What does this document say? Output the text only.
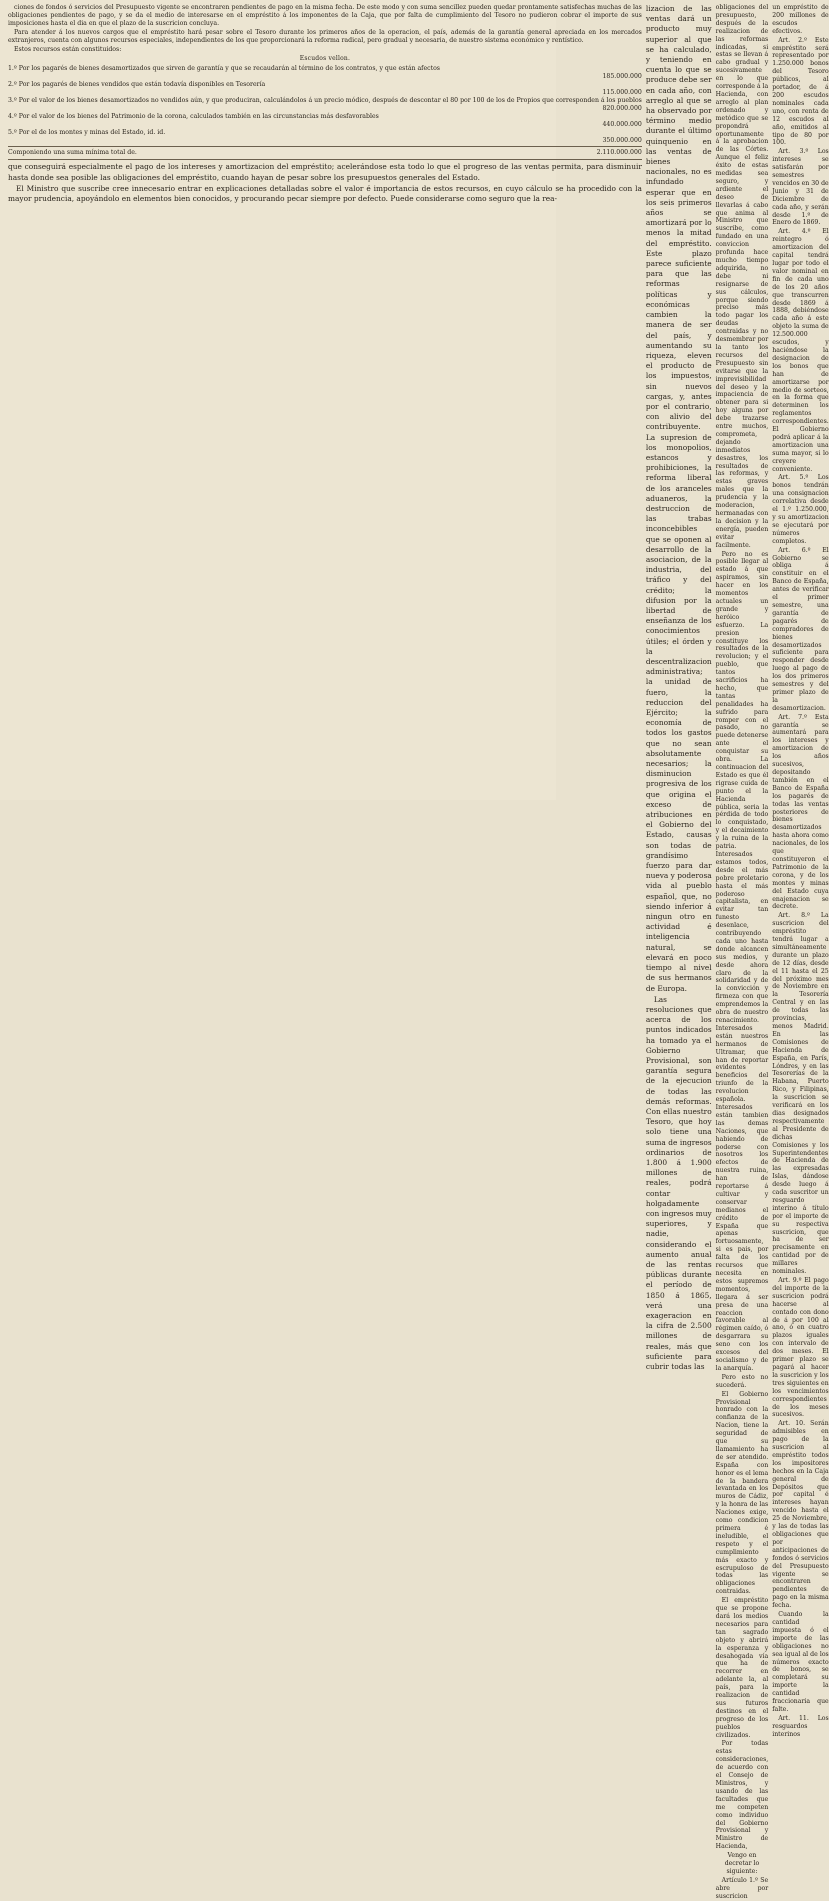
ciones de fondos ó servicios del Presupuesto vigente se encontraren pendientes de pago en la misma fecha. De este modo y con suma sencillez pueden quedar prontamente satisfechas muchas de las obligaciones pendientes de pago, y se da el medio de interesarse en el empréstito á los imponentes de la Caja, que por falta de cumplimiento del Tesoro no pudieron cobrar el importe de sus imposiciones hasta el dia en que el plazo de la suscricion concluya.

Para atender á los nuevos cargos que el empréstito hará pesar sobre el Tesoro durante los primeros años de la operacion, el país, además de la garantía general apreciada en los mercados extranjeros, cuenta con algunos recursos especiales, independientes de los que proporcionará la reforma radical, pero gradual y necesaria, de nuestro sistema económico y rentístico.

Estos recursos están constituidos:

Escudos vellon.
1.º Por los pagarés de bienes desamortizados que sirven de garantía y que se recaudarán al término de los contratos, y que están afectos
185.000.000
2.º Por los pagarés de bienes vendidos que están todavía disponibles en Tesorería
115.000.000
3.º Por el valor de los bienes desamortizados no vendidos aún, y que produciran, calculándolos á un precio módico, después de descontar el 80 por 100 de los de Propios que corresponden á los pueblos
820.000.000
4.º Por el valor de los bienes del Patrimonio de la corona, calculados también en las circunstancias más desfavorables
440.000.000
5.º Por el de los montes y minas del Estado, id. id.
350.000.000
Componiendo una suma mínima total de.	2.110.000.000

que conseguirá especialmente el pago de los intereses y amortizacion del empréstito; acelerándose esta todo lo que el progreso de las ventas permita, para disminuir hasta donde sea posible las obligaciones del empréstito, cuando hayan de pesar sobre los presupuestos generales del Estado.

El Ministro que suscribe cree innecesario entrar en explicaciones detalladas sobre el valor é importancia de estos recursos, en cuyo cálculo se ha procedido con la mayor prudencia, apoyándolo en elementos bien conocidos, y procurando pecar siempre por defecto. Puede considerarse como seguro que la rea-

lizacion de las ventas dará un producto muy superior al que se ha calculado, y teniendo en cuenta lo que se produce debe ser en cada año, con arreglo al que se ha observado por término medio durante el último quinquenio en las ventas de bienes nacionales, no es infundado esperar que en los seis primeros años se amortizará por lo menos la mitad del empréstito. Este plazo parece suficiente para que las reformas políticas y económicas cambien la manera de ser del país, y aumentando su riqueza, eleven el producto de los impuestos, sin nuevos cargas, y, antes por el contrario, con alivio del contribuyente. La supresion de los monopolios, estancos y prohibiciones, la reforma liberal de los aranceles aduaneros, la destruccion de las trabas inconcebibles que se oponen al desarrollo de la asociacion, de la industria, del tráfico y del crédito; la difusion por la libertad de enseñanza de los conocimientos útiles; el órden y la descentralizacion administrativa; la unidad de fuero, la reduccion del Ejército; la economía de todos los gastos que no sean absolutamente necesarios; la disminucion progresiva de los que origina el exceso de atribuciones en el Gobierno del Estado, causas son todas de grandísimo fuerzo para dar nueva y poderosa vida al pueblo español, que, no siendo inferior á ningun otro en actividad é inteligencia natural, se elevará en poco tiempo al nivel de sus hermanos de Europa.

Las resoluciones que acerca de los puntos indicados ha tomado ya el Gobierno Provisional, son garantía segura de la ejecucion de todas las demás reformas. Con ellas nuestro Tesoro, que hoy solo tiene una suma de ingresos ordinarios de 1.800 á 1.900 millones de reales, podrá contar holgadamente con ingresos muy superiores, y nadie, considerando el aumento anual de las rentas públicas durante el período de 1850 á 1865, verá una exageracion en la cifra de 2.500 millones de reales, más que suficiente para cubrir todas las

obligaciones del presupuesto, después de la realizacion de las reformas indicadas, si estas se llevan á cabo gradual y sucesivamente en lo que corresponde á la Hacienda, con arreglo al plan ordenado y metódico que se propondrá oportunamente á la aprobacion de las Córtes. Aunque el feliz éxito de estas medidas sea seguro, y ardiente el deseo de llevarlas á cabo que anima al Ministro que suscribe, como fundado en una conviccion profunda hace mucho tiempo adquirida, no debe ni resignarse de sus cálculos, porque siendo preciso más todo pagar los deudas contraidas y no desmembrar por la tanto los recursos del Presupuesto sin evitarse que la imprevisibilidad del deseo y la impaciencia de obtener para si hoy alguna por debe trazarse entre muchos, comprometa, dejando inmediatos desastres, los resultados de las reformas, y estas graves males que la prudencia y la moderacion, hermanadas con la decision y la energía, pueden evitar facilmente.

Pero no es posible llegar al estado á que aspiramos, sin hacer en los momentos actuales un grande y heróico esfuerzo. La presion constituye los resultados de la revolucion; y el pueblo, que tantos sacrificios ha hecho, que tantas penalidades ha sufrido para romper con el pasado, no puede detenerse ante el conquistar su obra. La continuacion del Estado es que él rigrase cuida de punto el la Hacienda pública, seria la pérdida de todo lo conquistado, y el decaimiento y la ruina de la patria. Interesados estamos todos, desde el más pobre proletario hasta el más poderoso capitalista, en evitar tan funesto desenlace, contribuyendo cada uno hasta donde alcancen sus medios, y desde ahora claro de la solidaridad y de la convicción y firmeza con que emprendemos la obra de nuestro renacimiento. Interesados están nuestros hermanos de Ultramar, que han de reportar evidentes beneficios del triunfo de la revolucion española. Interesados están tambien las demas Naciones, que habiendo de poderse con nosotros los efectos de nuestra ruina, han de reportarse á cultivar y conservar medianos el crédito de España que apenas fortuosamente, si es pais, por falta de los recursos que necesita en estos supremos momentos, llegara á ser presa de una reaccion favorable al régimen caído, ó desgarrara su seno con los excesos del socialismo y de la anarquía.

Pero esto no sucederá.

El Gobierno Provisional honrado con la confianza de la Nacion, tiene la seguridad de que su llamamiento ha de ser atendido. España con honor es el lema de la bandera levantada en los muros de Cádiz, y la honra de las Naciones exige, como condicion primera é ineludible, el respeto y el cumplimiento más exacto y escrupuloso de todas las obligaciones contraidas.

El empréstito que se propone dará los medios necesarios para tan sagrado objeto y abrirá la esperanza y desahogada vía que ha de recorrer en adelante la, al país, para la realizacion de sus futuros destinos en el progreso de los pueblos civilizados.

Por todas estas consideraciones, de acuerdo con el Consejo de Ministros, y usando de las facultades que me competen como individuo del Gobierno Provisional y Ministro de Hacienda,

Vengo en decretar lo siguiente:

Artículo 1.º Se abre por suscricion

un empréstito de 200 millones de escudos efectivos.

Art. 2.º Este empréstito será representado por 1.250.000 bonos del Tesoro públicos, al portador, de á 200 escudos nominales cada uno, con renta de 12 escudos al año, emitidos al tipo de 80 por 100.

Art. 3.º Los intereses se satisfarán por semestres vencidos en 30 de Junio y 31 de Diciembre de cada año, y serán desde 1.º de Enero de 1869.

Art. 4.º El reintegro ó amortizacion del capital tendrá lugar por todo el valor nominal en fin de cada uno de los 20 años que transcurren desde 1869 á 1888, debiéndose cada año á este objeto la suma de 12.500.000 escudos, y haciéndose la designacion de los bonos que han de amortizarse por medio de sorteos, en la forma que determinen los reglamentos correspondientes. El Gobierno podrá aplicar á la amortizacion una suma mayor, si lo creyere conveniente.

Art. 5.º Los bonos tendrán una consignacion correlativa desde el 1.º 1.250.000, y su amortizacion se ejecutará por números completos.

Art. 6.º El Gobierno se obliga á constituir en el Banco de España, antes de verificar el primer semestre, una garantía de pagarés de compradores de bienes desamortizados suficiente para responder desde luego al pago de los dos primeros semestres y del primer plazo de la desamortizacion.

Art. 7.º Esta garantía se aumentará para los intereses y amortizacion de los años sucesivos, depositando también en el Banco de España los pagarés de todas las ventas posteriores de bienes desamortizados hasta ahora como nacionales, de los que constituyeron el Patrimonio de la corona, y de los montes y minas del Estado cuya enajenacion se decrete.

Art. 8.º La suscricion del empréstito tendrá lugar a simultáneamente durante un plazo de 12 días, desde el 11 hasta el 25 del próximo mes de Noviembre en la Tesorería Central y en las de todas las provincias, menos Madrid. En las Comisiones de Hacienda de España, en París, Lóndres, y en las Tesorerías de la Habana, Puerto Rico, y Filipinas, la suscricion se verificará en los dias designados respectivamente al Presidente de dichas Comisiones y los Superintendentes de Hacienda de las expresadas Islas, dándose desde luego á cada suscritor un resguardo interino á título por el importe de su respectiva suscricion, que ha de ser precisamente en cantidad por de millares nominales.

Art. 9.º El pago del importe de la suscricion podrá hacerse al contado con dono de á por 100 al ano, ó en cuatro plazos iguales con intervalo de dos meses. El primer plazo se pagará al hacer la suscricion y los tres siguientes en los vencimientos correspondientes de los meses sucesivos.

Art. 10. Serán admisibles en pago de la suscricion al empréstito todos los impositores hechos en la Caja general de Depósitos que por capital é intereses hayan vencido hasta el 25 de Noviembre, y las de todas las obligaciones que por anticipaciones de fondos ó servicios del Presupuesto vigente se encontraren pendientes de pago en la misma fecha.

Cuando la cantidad impuesta ó el importe de las obligaciones no sea igual al de los números exacto de bonos, se completará su importe la cantidad fraccionaria que falte.

Art. 11. Los resguardos interinos
